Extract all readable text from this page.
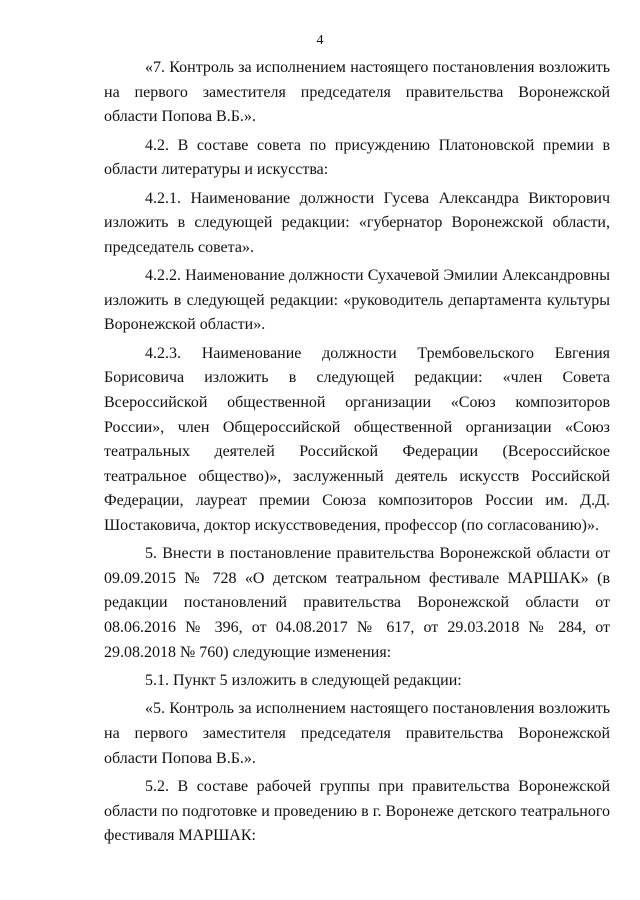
4

«7. Контроль за исполнением настоящего постановления возложить на первого заместителя председателя правительства Воронежской области Попова В.Б.».

4.2. В составе совета по присуждению Платоновской премии в области литературы и искусства:

4.2.1. Наименование должности Гусева Александра Викторович изложить в следующей редакции: «губернатор Воронежской области, председатель совета».

4.2.2. Наименование должности Сухачевой Эмилии Александровны изложить в следующей редакции: «руководитель департамента культуры Воронежской области».

4.2.3. Наименование должности Трембовельского Евгения Борисовича изложить в следующей редакции: «член Совета Всероссийской общественной организации «Союз композиторов России», член Общероссийской общественной организации «Союз театральных деятелей Российской Федерации (Всероссийское театральное общество)», заслуженный деятель искусств Российской Федерации, лауреат премии Союза композиторов России им. Д.Д. Шостаковича, доктор искусствоведения, профессор (по согласованию)».

5. Внести в постановление правительства Воронежской области от 09.09.2015 № 728 «О детском театральном фестивале МАРШАК» (в редакции постановлений правительства Воронежской области от 08.06.2016 № 396, от 04.08.2017 № 617, от 29.03.2018 № 284, от 29.08.2018 № 760) следующие изменения:

5.1. Пункт 5 изложить в следующей редакции:

«5. Контроль за исполнением настоящего постановления возложить на первого заместителя председателя правительства Воронежской области Попова В.Б.».

5.2. В составе рабочей группы при правительства Воронежской области по подготовке и проведению в г. Воронеже детского театрального фестиваля МАРШАК:
